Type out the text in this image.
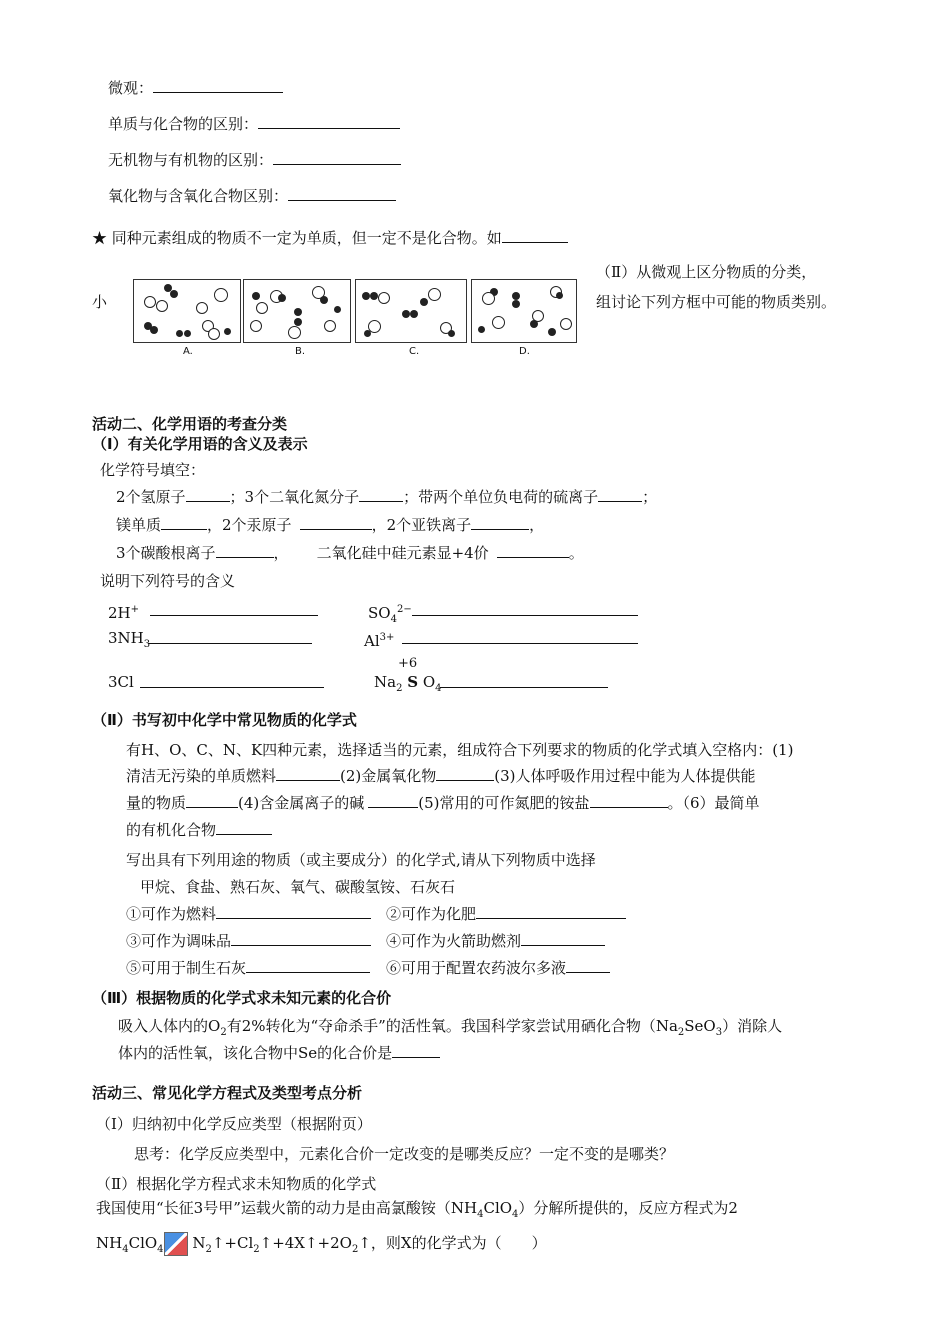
微观：
单质与化合物的区别：
无机物与有机物的区别：
氧化物与含氧化合物区别：
★ 同种元素组成的物质不一定为单质，但一定不是化合物。如
（Ⅱ）从微观上区分物质的分类，
组讨论下列方框中可能的物质类别。
小
A.	B.	C.	D.
活动二、化学用语的考查分类
（Ⅰ）有关化学用语的含义及表示
化学符号填空：
2个氢原子	；3个二氧化氮分子	；带两个单位负电荷的硫离子	；
镁单质	，2个汞原子	，2个亚铁离子	，
3个碳酸根离子	， 二氧化硅中硅元素显+4价	。
说明下列符号的含义
2H+	$SO_4^{2-}$
$3NH_3$	$Al^{3+}$
+6
3Cl	$Na_2$ S $O_4$
（Ⅱ）书写初中化学中常见物质的化学式
有H、O、C、N、K四种元素，选择适当的元素，组成符合下列要求的物质的化学式填入空格内：(1)
清洁无污染的单质燃料	(2)金属氧化物	(3)人体呼吸作用过程中能为人体提供能
量的物质	(4)含金属离子的碱	(5)常用的可作氮肥的铵盐	。（6）最简单
的有机化合物
写出具有下列用途的物质（或主要成分）的化学式,请从下列物质中选择
甲烷、食盐、熟石灰、氧气、碳酸氢铵、石灰石
①可作为燃料	②可作为化肥
③可作为调味品	④可作为火箭助燃剂
⑤可用于制生石灰	⑥可用于配置农药波尔多液
（Ⅲ）根据物质的化学式求未知元素的化合价
吸入人体内的$O_2$有2%转化为“夺命杀手”的活性氧。我国科学家尝试用硒化合物$(Na_2SeO_3)$消除人
体内的活性氧，该化合物中Se的化合价是
活动三、常见化学方程式及类型考点分析
（Ⅰ）归纳初中化学反应类型（根据附页）
思考：化学反应类型中，元素化合价一定改变的是哪类反应？一定不变的是哪类？
（Ⅱ）根据化学方程式求未知物质的化学式
我国使用“长征3号甲”运载火箭的动力是由高氯酸铵$(NH_4ClO_4)$分解所提供的，反应方程式为2
$NH_4ClO_4$ $N_2↑+Cl_2↑+4X↑+2O_2↑$，则X的化学式为（　　）
